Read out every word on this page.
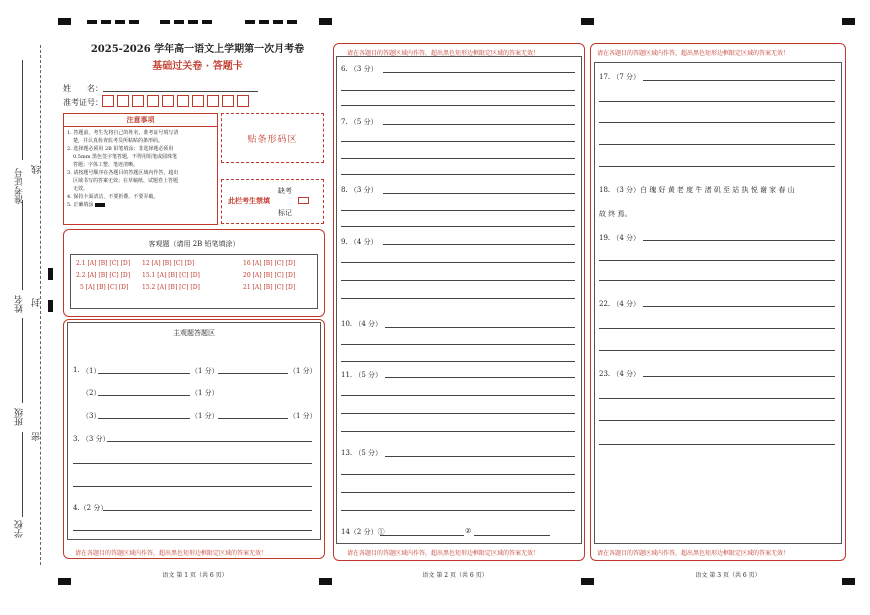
准考证号 线
姓名 封
班级
密
学校
2025-2026 学年高一语文上学期第一次月考卷
基础过关卷 · 答题卡
姓　　名：
准考证号：
注意事项
1. 答题前，考生先将自己的姓名，准考证号填写清
楚，并认真检查监考员所粘贴的条形码。
2. 选择题必须用 2B 铅笔填涂；非选择题必须用
0.5mm 黑色签字笔答题，不得用铅笔或圆珠笔
答题；字体工整、笔迹清晰。
3. 请按题号顺序在各题目的答题区域内作答，超出
区域书写的答案无效；在草稿纸、试题卷上答题
无效。
4. 保持卡面清洁，不要折叠、不要弄破。
5. 正确填涂
贴条形码区
此栏考生禁填
缺考
标记
客观题（请用 2B 铅笔填涂）
2.1 [A] [B] [C] [D] 12 [A] [B] [C] [D]	16 [A] [B] [C] [D]
2.2 [A] [B] [C] [D] 15.1 [A] [B] [C] [D]	20 [A] [B] [C] [D]
5 [A] [B] [C] [D] 15.2 [A] [B] [C] [D]	21 [A] [B] [C] [D]
主观题答题区
1. （1）	（1 分）	（1 分）
（2）	（1 分）
（3）	（1 分）	（1 分）
3. （3 分）
4.（2 分）
请在各题目的答题区域内作答，超出黑色矩形边框限定区域的答案无效！
请在各题目的答题区域内作答，超出黑色矩形边框限定区域的答案无效！
6. （3 分）
7. （5 分）
8. （3 分）
9. （4 分）
10. （4 分）
11. （5 分）
13. （5 分）
14（2 分）①	②
请在各题目的答题区域内作答，超出黑色矩形边框限定区域的答案无效！
请在各题目的答题区域内作答，超出黑色矩形边框限定区域的答案无效！
17. （7 分）
18. （3 分）白 瑰 好 黄 老 度 牛 渚 矶 至 站 执 悦 谢 家 春 山
故 终 焉。
19. （4 分）
22. （4 分）
23. （4 分）
请在各题目的答题区域内作答，超出黑色矩形边框限定区域的答案无效！
语文 第 1 页（共 6 页）	语文 第 2 页（共 6 页）	语文 第 3 页（共 6 页）
